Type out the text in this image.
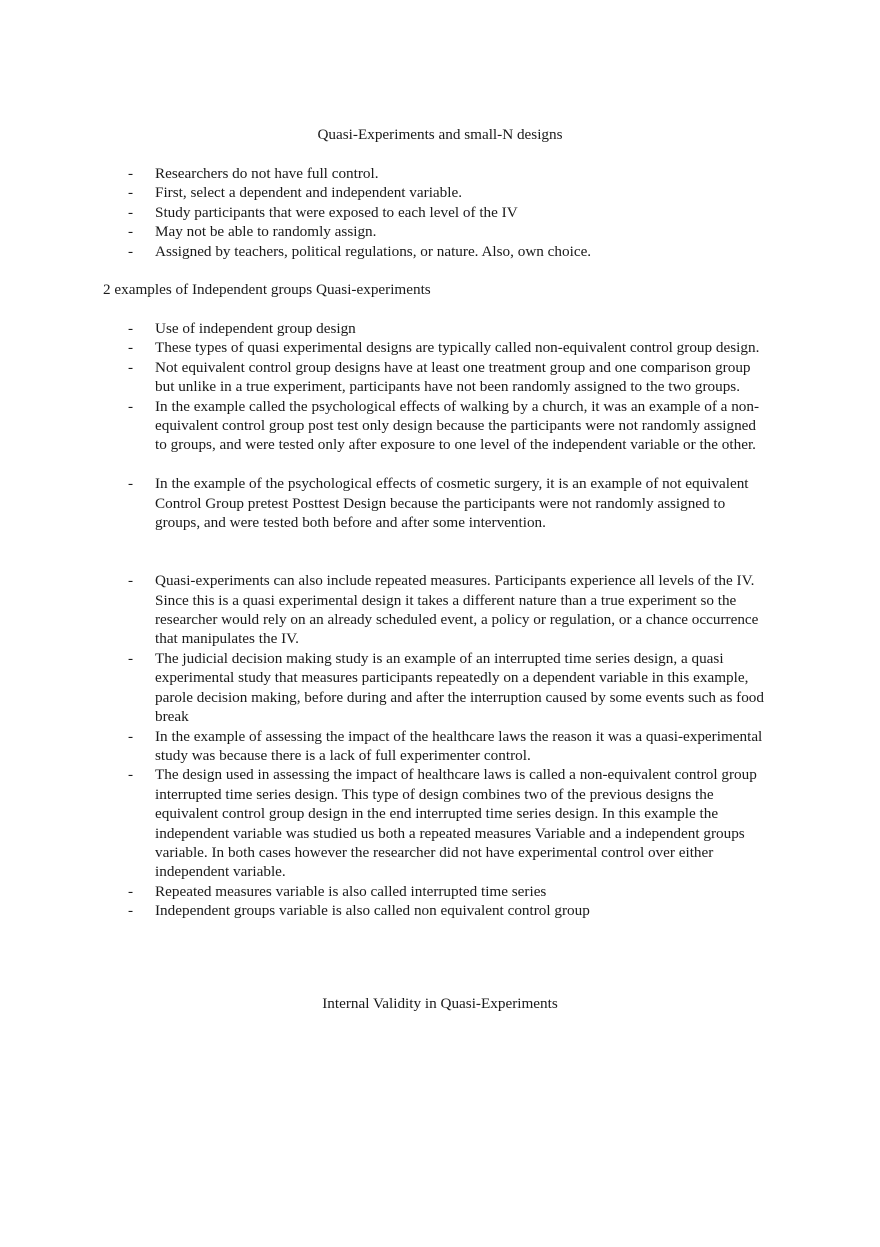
Quasi-Experiments and small-N designs
- Researchers do not have full control.
- First, select a dependent and independent variable.
- Study participants that were exposed to each level of the IV
- May not be able to randomly assign.
- Assigned by teachers, political regulations, or nature. Also, own choice.
2 examples of Independent groups Quasi-experiments
- Use of independent group design
- These types of quasi experimental designs are typically called non-equivalent control group design.
- Not equivalent control group designs have at least one treatment group and one comparison group but unlike in a true experiment, participants have not been randomly assigned to the two groups.
- In the example called the psychological effects of walking by a church, it was an example of a non-equivalent control group post test only design because the participants were not randomly assigned to groups, and were tested only after exposure to one level of the independent variable or the other.
- In the example of the psychological effects of cosmetic surgery, it is an example of not equivalent Control Group pretest Posttest Design because the participants were not randomly assigned to groups, and were tested both before and after some intervention.
- Quasi-experiments can also include repeated measures. Participants experience all levels of the IV. Since this is a quasi experimental design it takes a different nature than a true experiment so the researcher would rely on an already scheduled event, a policy or regulation, or a chance occurrence that manipulates the IV.
- The judicial decision making study is an example of an interrupted time series design, a quasi experimental study that measures participants repeatedly on a dependent variable in this example, parole decision making, before during and after the interruption caused by some events such as food break
- In the example of assessing the impact of the healthcare laws the reason it was a quasi-experimental study was because there is a lack of full experimenter control.
- The design used in assessing the impact of healthcare laws is called a non-equivalent control group interrupted time series design. This type of design combines two of the previous designs the equivalent control group design in the end interrupted time series design. In this example the independent variable was studied us both a repeated measures Variable and a independent groups variable. In both cases however the researcher did not have experimental control over either independent variable.
- Repeated measures variable is also called interrupted time series
- Independent groups variable is also called non equivalent control group
Internal Validity in Quasi-Experiments
